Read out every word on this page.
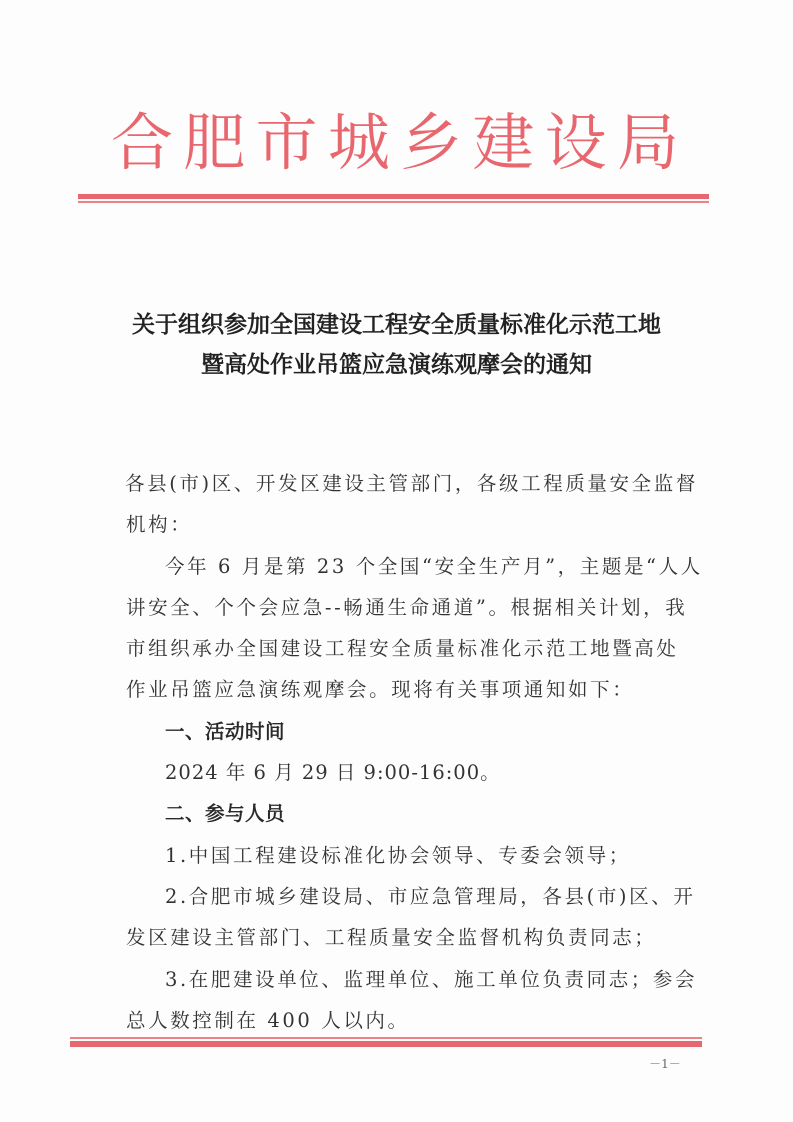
合 肥 市 城 乡 建 设 局
关于组织参加全国建设工程安全质量标准化示范工地
暨高处作业吊篮应急演练观摩会的通知
各县(市)区、开发区建设主管部门，各级工程质量安全监督
机构：
今年 6 月是第 23 个全国“安全生产月”，主题是“人人
讲安全、个个会应急--畅通生命通道”。根据相关计划，我
市组织承办全国建设工程安全质量标准化示范工地暨高处
作业吊篮应急演练观摩会。现将有关事项通知如下：
一、活动时间
2024 年 6 月 29 日 9:00-16:00。
二、参与人员
1.中国工程建设标准化协会领导、专委会领导；
2.合肥市城乡建设局、市应急管理局，各县(市)区、开
发区建设主管部门、工程质量安全监督机构负责同志；
3.在肥建设单位、监理单位、施工单位负责同志；参会
总人数控制在 400 人以内。
－1－
